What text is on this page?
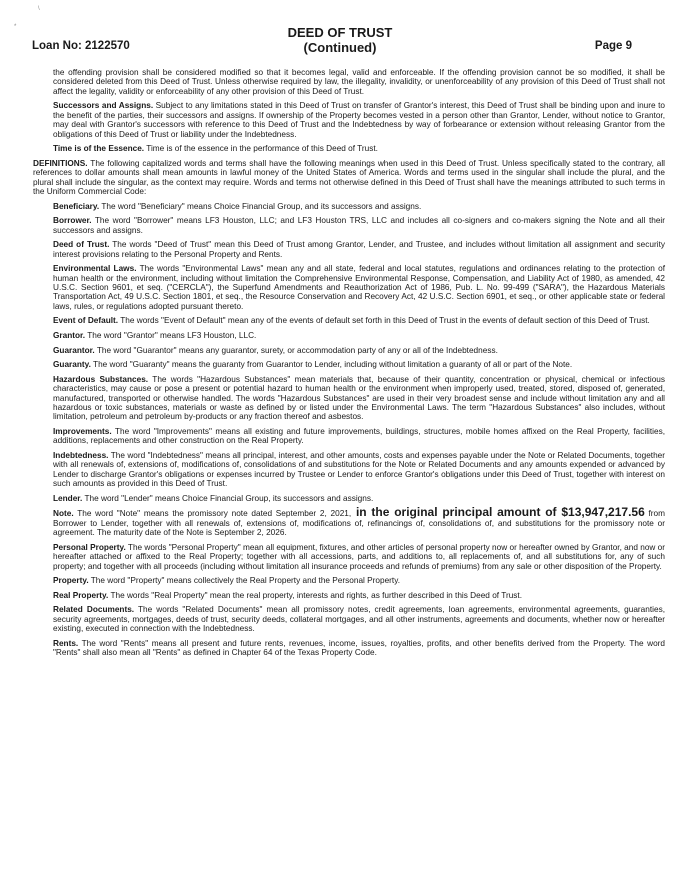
\
*
Loan No: 2122570
DEED OF TRUST
(Continued)	Page 9

the offending provision shall be considered modified so that it becomes legal, valid and enforceable. If the offending provision cannot be so modified, it shall be considered deleted from this Deed of Trust. Unless otherwise required by law, the illegality, invalidity, or unenforceability of any provision of this Deed of Trust shall not affect the legality, validity or enforceability of any other provision of this Deed of Trust.

Successors and Assigns. Subject to any limitations stated in this Deed of Trust on transfer of Grantor's interest, this Deed of Trust shall be binding upon and inure to the benefit of the parties, their successors and assigns. If ownership of the Property becomes vested in a person other than Grantor, Lender, without notice to Grantor, may deal with Grantor's successors with reference to this Deed of Trust and the Indebtedness by way of forbearance or extension without releasing Grantor from the obligations of this Deed of Trust or liability under the Indebtedness.

Time is of the Essence. Time is of the essence in the performance of this Deed of Trust.

DEFINITIONS. The following capitalized words and terms shall have the following meanings when used in this Deed of Trust. Unless specifically stated to the contrary, all references to dollar amounts shall mean amounts in lawful money of the United States of America. Words and terms used in the singular shall include the plural, and the plural shall include the singular, as the context may require. Words and terms not otherwise defined in this Deed of Trust shall have the meanings attributed to such terms in the Uniform Commercial Code:

Beneficiary. The word "Beneficiary" means Choice Financial Group, and its successors and assigns.

Borrower. The word "Borrower" means LF3 Houston, LLC; and LF3 Houston TRS, LLC and includes all co-signers and co-makers signing the Note and all their successors and assigns.

Deed of Trust. The words "Deed of Trust" mean this Deed of Trust among Grantor, Lender, and Trustee, and includes without limitation all assignment and security interest provisions relating to the Personal Property and Rents.

Environmental Laws. The words "Environmental Laws" mean any and all state, federal and local statutes, regulations and ordinances relating to the protection of human health or the environment, including without limitation the Comprehensive Environmental Response, Compensation, and Liability Act of 1980, as amended, 42 U.S.C. Section 9601, et seq. ("CERCLA"), the Superfund Amendments and Reauthorization Act of 1986, Pub. L. No. 99-499 ("SARA"), the Hazardous Materials Transportation Act, 49 U.S.C. Section 1801, et seq., the Resource Conservation and Recovery Act, 42 U.S.C. Section 6901, et seq., or other applicable state or federal laws, rules, or regulations adopted pursuant thereto.

Event of Default. The words "Event of Default" mean any of the events of default set forth in this Deed of Trust in the events of default section of this Deed of Trust.

Grantor. The word "Grantor" means LF3 Houston, LLC.

Guarantor. The word "Guarantor" means any guarantor, surety, or accommodation party of any or all of the Indebtedness.

Guaranty. The word "Guaranty" means the guaranty from Guarantor to Lender, including without limitation a guaranty of all or part of the Note.

Hazardous Substances. The words "Hazardous Substances" mean materials that, because of their quantity, concentration or physical, chemical or infectious characteristics, may cause or pose a present or potential hazard to human health or the environment when improperly used, treated, stored, disposed of, generated, manufactured, transported or otherwise handled. The words "Hazardous Substances" are used in their very broadest sense and include without limitation any and all hazardous or toxic substances, materials or waste as defined by or listed under the Environmental Laws. The term "Hazardous Substances" also includes, without limitation, petroleum and petroleum by-products or any fraction thereof and asbestos.

Improvements. The word "Improvements" means all existing and future improvements, buildings, structures, mobile homes affixed on the Real Property, facilities, additions, replacements and other construction on the Real Property.

Indebtedness. The word "Indebtedness" means all principal, interest, and other amounts, costs and expenses payable under the Note or Related Documents, together with all renewals of, extensions of, modifications of, consolidations of and substitutions for the Note or Related Documents and any amounts expended or advanced by Lender to discharge Grantor's obligations or expenses incurred by Trustee or Lender to enforce Grantor's obligations under this Deed of Trust, together with interest on such amounts as provided in this Deed of Trust.

Lender. The word "Lender" means Choice Financial Group, its successors and assigns.

Note. The word "Note" means the promissory note dated September 2, 2021, in the original principal amount of $13,947,217.56 from Borrower to Lender, together with all renewals of, extensions of, modifications of, refinancings of, consolidations of, and substitutions for the promissory note or agreement. The maturity date of the Note is September 2, 2026.

Personal Property. The words "Personal Property" mean all equipment, fixtures, and other articles of personal property now or hereafter owned by Grantor, and now or hereafter attached or affixed to the Real Property; together with all accessions, parts, and additions to, all replacements of, and all substitutions for, any of such property; and together with all proceeds (including without limitation all insurance proceeds and refunds of premiums) from any sale or other disposition of the Property.

Property. The word "Property" means collectively the Real Property and the Personal Property.

Real Property. The words "Real Property" mean the real property, interests and rights, as further described in this Deed of Trust.

Related Documents. The words "Related Documents" mean all promissory notes, credit agreements, loan agreements, environmental agreements, guaranties, security agreements, mortgages, deeds of trust, security deeds, collateral mortgages, and all other instruments, agreements and documents, whether now or hereafter existing, executed in connection with the Indebtedness.

Rents. The word "Rents" means all present and future rents, revenues, income, issues, royalties, profits, and other benefits derived from the Property. The word "Rents" shall also mean all "Rents" as defined in Chapter 64 of the Texas Property Code.
